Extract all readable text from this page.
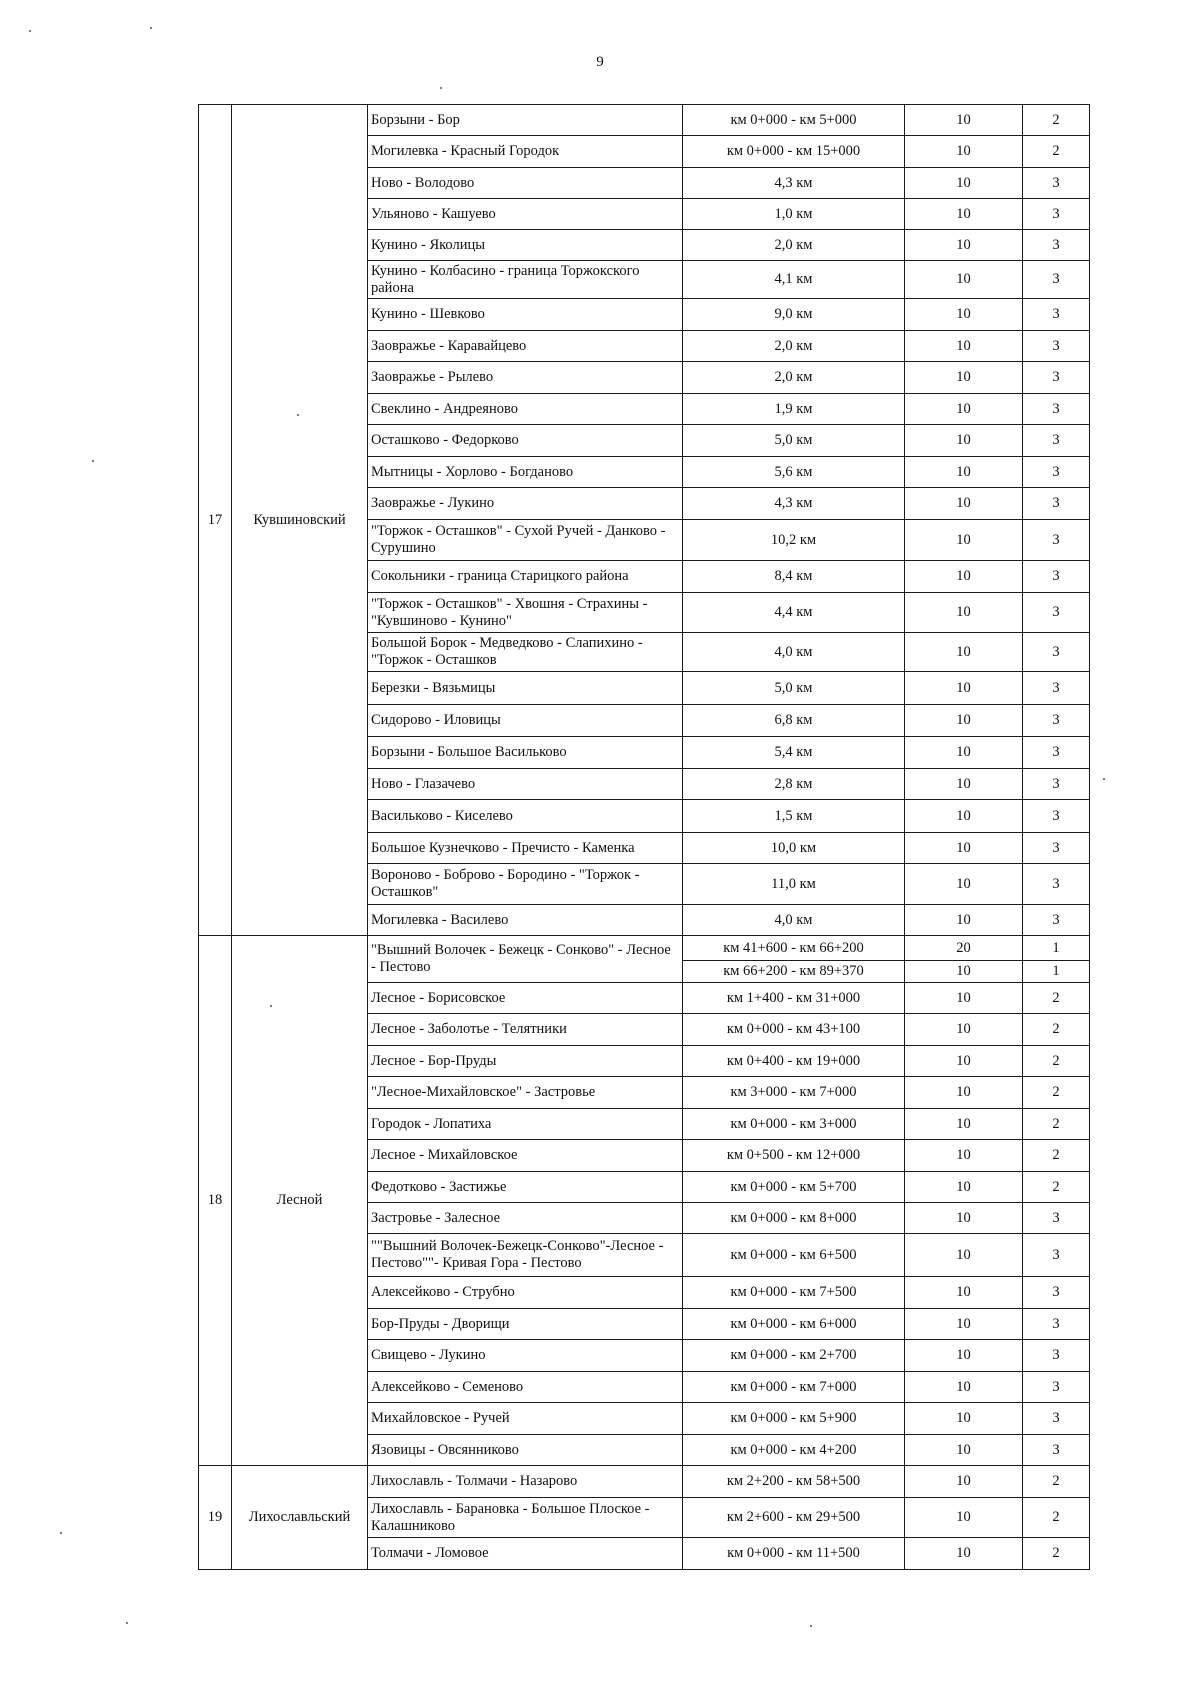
9
17	Кувшиновский	Борзыни - Бор	км 0+000 - км 5+000	10	2
		Могилевка - Красный Городок	км 0+000 - км 15+000	10	2
		Ново - Володово	4,3 км	10	3
		Ульяново - Кашуево	1,0 км	10	3
		Кунино - Яколицы	2,0 км	10	3
		Кунино - Колбасино - граница Торжокского района	4,1 км	10	3
		Кунино - Шевково	9,0 км	10	3
		Заовражье - Каравайцево	2,0 км	10	3
		Заовражье - Рылево	2,0 км	10	3
		Свеклино - Андреяново	1,9 км	10	3
		Осташково - Федорково	5,0 км	10	3
		Мытницы - Хорлово - Богданово	5,6 км	10	3
		Заовражье - Лукино	4,3 км	10	3
		"Торжок - Осташков" - Сухой Ручей - Данково - Сурушино	10,2 км	10	3
		Сокольники - граница Старицкого района	8,4 км	10	3
		"Торжок - Осташков" - Хвошня - Страхины - "Кувшиново - Кунино"	4,4 км	10	3
		Большой Борок - Медведково - Слапихино - "Торжок - Осташков	4,0 км	10	3
		Березки - Вязьмицы	5,0 км	10	3
		Сидорово - Иловицы	6,8 км	10	3
		Борзыни - Большое Васильково	5,4 км	10	3
		Ново - Глазачево	2,8 км	10	3
		Васильково - Киселево	1,5 км	10	3
		Большое Кузнечково - Пречисто - Каменка	10,0 км	10	3
		Вороново - Боброво - Бородино - "Торжок - Осташков"	11,0 км	10	3
		Могилевка - Василево	4,0 км	10	3
18	Лесной	"Вышний Волочек - Бежецк - Сонково" - Лесное - Пестово	км 41+600 - км 66+200	20	1
			км 66+200 - км 89+370	10	1
		Лесное - Борисовское	км 1+400 - км 31+000	10	2
		Лесное - Заболотье - Телятники	км 0+000 - км 43+100	10	2
		Лесное - Бор-Пруды	км 0+400 - км 19+000	10	2
		"Лесное-Михайловское" - Застровье	км 3+000 - км 7+000	10	2
		Городок - Лопатиха	км 0+000 - км 3+000	10	2
		Лесное - Михайловское	км 0+500 - км 12+000	10	2
		Федотково - Застижье	км 0+000 - км 5+700	10	2
		Застровье - Залесное	км 0+000 - км 8+000	10	3
		""Вышний Волочек-Бежецк-Сонково"-Лесное - Пестово""- Кривая Гора - Пестово	км 0+000 - км 6+500	10	3
		Алексейково - Струбно	км 0+000 - км 7+500	10	3
		Бор-Пруды - Дворищи	км 0+000 - км 6+000	10	3
		Свищево - Лукино	км 0+000 - км 2+700	10	3
		Алексейково - Семеново	км 0+000 - км 7+000	10	3
		Михайловское - Ручей	км 0+000 - км 5+900	10	3
		Язовицы - Овсянниково	км 0+000 - км 4+200	10	3
19	Лихославльский	Лихославль - Толмачи - Назарово	км 2+200 - км 58+500	10	2
		Лихославль - Барановка - Большое Плоское - Калашниково	км 2+600 - км 29+500	10	2
		Толмачи - Ломовое	км 0+000 - км 11+500	10	2
